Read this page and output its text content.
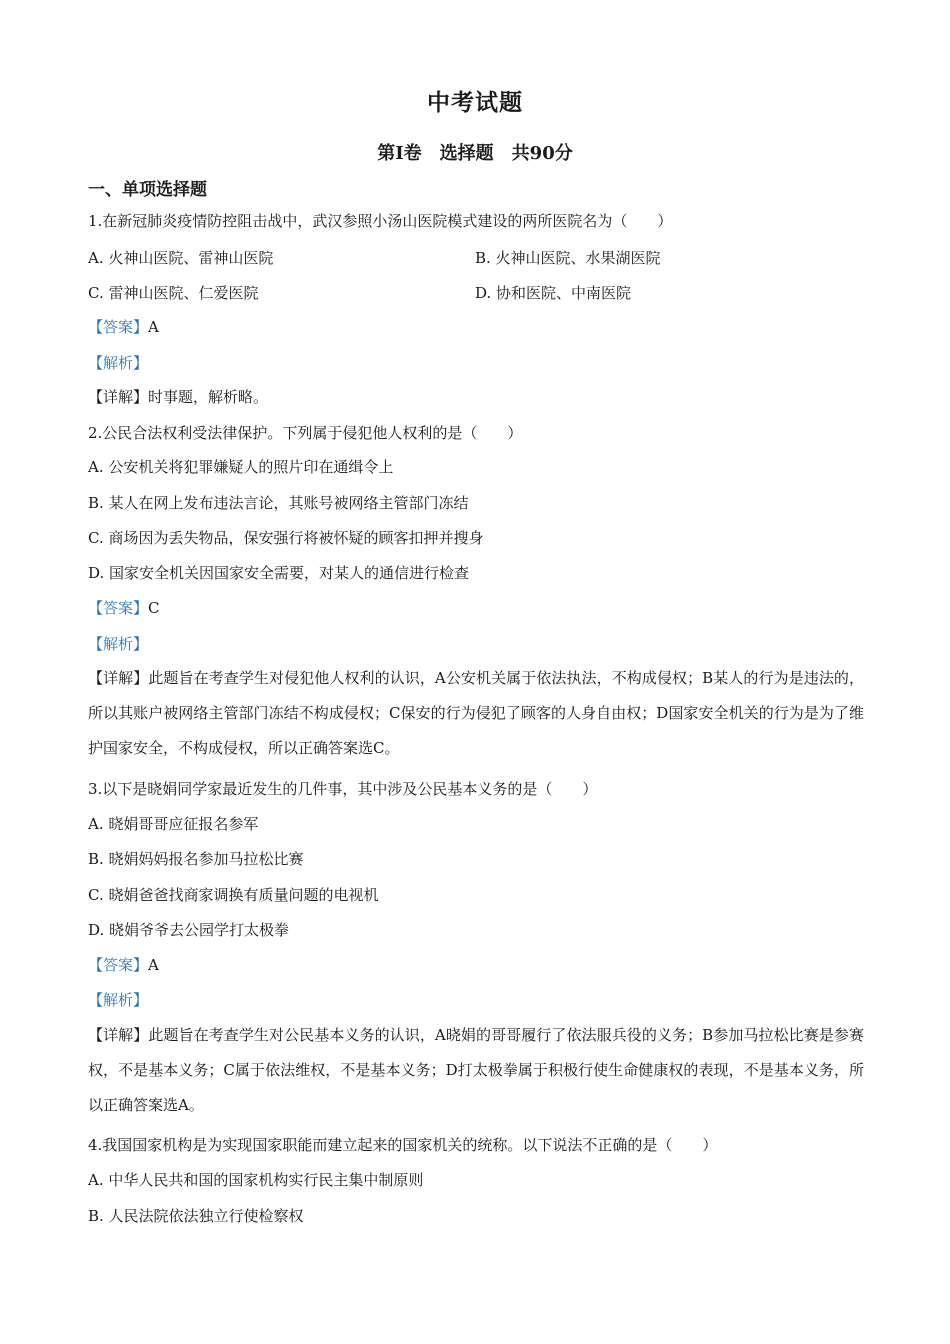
中考试题
第Ⅰ卷　选择题　共90分
一、单项选择题
1.在新冠肺炎疫情防控阻击战中，武汉参照小汤山医院模式建设的两所医院名为（　　）
A. 火神山医院、雷神山医院	B. 火神山医院、水果湖医院
C. 雷神山医院、仁爱医院	D. 协和医院、中南医院
【答案】A
【解析】
【详解】时事题，解析略。
2.公民合法权利受法律保护。下列属于侵犯他人权利的是（　　）
A. 公安机关将犯罪嫌疑人的照片印在通缉令上
B. 某人在网上发布违法言论，其账号被网络主管部门冻结
C. 商场因为丢失物品，保安强行将被怀疑的顾客扣押并搜身
D. 国家安全机关因国家安全需要，对某人的通信进行检查
【答案】C
【解析】
【详解】此题旨在考查学生对侵犯他人权利的认识，A公安机关属于依法执法，不构成侵权；B某人的行为是违法的，所以其账户被网络主管部门冻结不构成侵权；C保安的行为侵犯了顾客的人身自由权；D国家安全机关的行为是为了维护国家安全，不构成侵权，所以正确答案选C。
3.以下是晓娟同学家最近发生的几件事，其中涉及公民基本义务的是（　　）
A. 晓娟哥哥应征报名参军
B. 晓娟妈妈报名参加马拉松比赛
C. 晓娟爸爸找商家调换有质量问题的电视机
D. 晓娟爷爷去公园学打太极拳
【答案】A
【解析】
【详解】此题旨在考查学生对公民基本义务的认识，A晓娟的哥哥履行了依法服兵役的义务；B参加马拉松比赛是参赛权，不是基本义务；C属于依法维权，不是基本义务；D打太极拳属于积极行使生命健康权的表现，不是基本义务，所以正确答案选A。
4.我国国家机构是为实现国家职能而建立起来的国家机关的统称。以下说法不正确的是（　　）
A. 中华人民共和国的国家机构实行民主集中制原则
B. 人民法院依法独立行使检察权
